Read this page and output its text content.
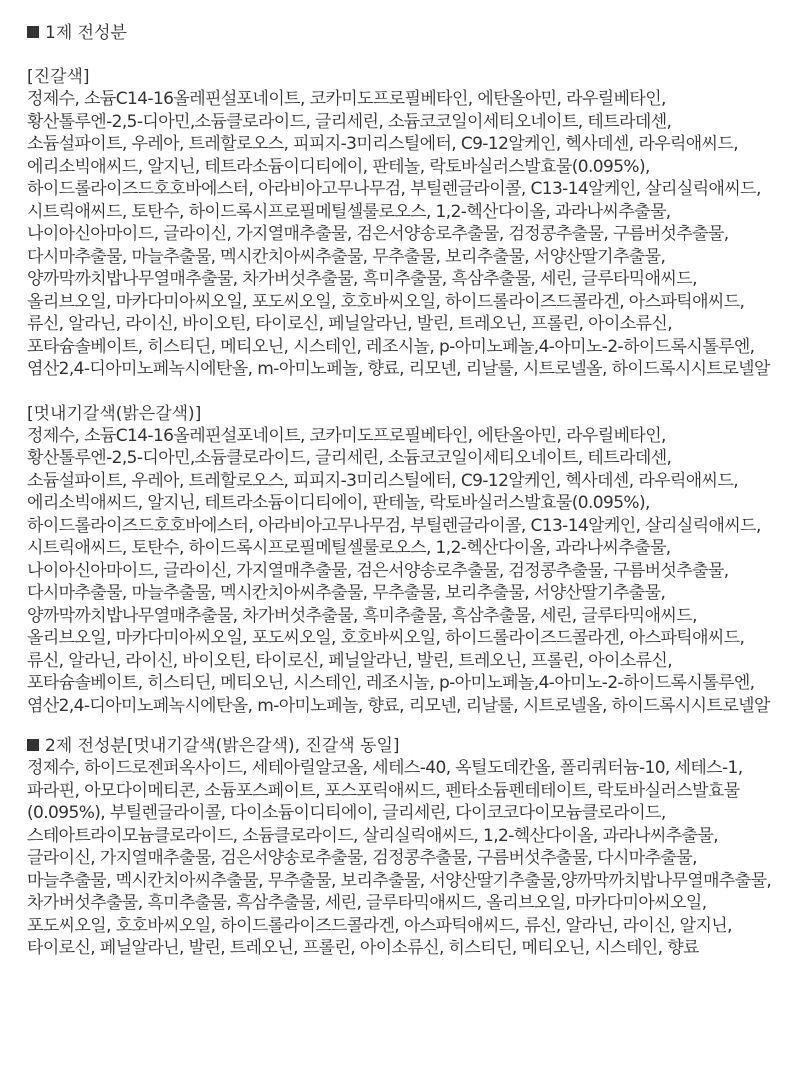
1제 전성분

[진갈색]

정제수, 소듐C14-16올레핀설포네이트, 코카미도프로필베타인, 에탄올아민, 라우릴베타인, 황산톨루엔-2,5-디아민,소듐클로라이드, 글리세린, 소듐코코일이세티오네이트, 테트라데센, 소듐설파이트, 우레아, 트레할로오스, 피피지-3미리스틸에터, C9-12알케인, 헥사데센, 라우릭애씨드, 에리소빅애씨드, 알지닌, 테트라소듐이디티에이, 판테놀, 락토바실러스발효물(0.095%), 하이드롤라이즈드호호바에스터, 아라비아고무나무검, 부틸렌글라이콜, C13-14알케인, 살리실릭애씨드, 시트릭애씨드, 토탄수, 하이드록시프로필메틸셀룰로오스, 1,2-헥산다이올, 과라나씨추출물, 나이아신아마이드, 글라이신, 가지열매추출물, 검은서양송로추출물, 검정콩추출물, 구름버섯추출물, 다시마추출물, 마늘추출물, 멕시칸치아씨추출물, 무추출물, 보리추출물, 서양산딸기추출물, 양까막까치밥나무열매추출물, 차가버섯추출물, 흑미추출물, 흑삼추출물, 세린, 글루타믹애씨드, 올리브오일, 마카다미아씨오일, 포도씨오일, 호호바씨오일, 하이드롤라이즈드콜라겐, 아스파틱애씨드, 류신, 알라닌, 라이신, 바이오틴, 타이로신, 페닐알라닌, 발린, 트레오닌, 프롤린, 아이소류신, 포타슘솔베이트, 히스티딘, 메티오닌, 시스테인, 레조시놀, p-아미노페놀,4-아미노-2-하이드록시톨루엔, 염산2,4-디아미노페녹시에탄올, m-아미노페놀, 향료, 리모넨, 리날룰, 시트로넬올, 하이드록시시트로넬알

[멋내기갈색(밝은갈색)]

정제수, 소듐C14-16올레핀설포네이트, 코카미도프로필베타인, 에탄올아민, 라우릴베타인, 황산톨루엔-2,5-디아민,소듐클로라이드, 글리세린, 소듐코코일이세티오네이트, 테트라데센, 소듐설파이트, 우레아, 트레할로오스, 피피지-3미리스틸에터, C9-12알케인, 헥사데센, 라우릭애씨드, 에리소빅애씨드, 알지닌, 테트라소듐이디티에이, 판테놀, 락토바실러스발효물(0.095%), 하이드롤라이즈드호호바에스터, 아라비아고무나무검, 부틸렌글라이콜, C13-14알케인, 살리실릭애씨드, 시트릭애씨드, 토탄수, 하이드록시프로필메틸셀룰로오스, 1,2-헥산다이올, 과라나씨추출물, 나이아신아마이드, 글라이신, 가지열매추출물, 검은서양송로추출물, 검정콩추출물, 구름버섯추출물, 다시마추출물, 마늘추출물, 멕시칸치아씨추출물, 무추출물, 보리추출물, 서양산딸기추출물, 양까막까치밥나무열매추출물, 차가버섯추출물, 흑미추출물, 흑삼추출물, 세린, 글루타믹애씨드, 올리브오일, 마카다미아씨오일, 포도씨오일, 호호바씨오일, 하이드롤라이즈드콜라겐, 아스파틱애씨드, 류신, 알라닌, 라이신, 바이오틴, 타이로신, 페닐알라닌, 발린, 트레오닌, 프롤린, 아이소류신, 포타슘솔베이트, 히스티딘, 메티오닌, 시스테인, 레조시놀, p-아미노페놀,4-아미노-2-하이드록시톨루엔, 염산2,4-디아미노페녹시에탄올, m-아미노페놀, 향료, 리모넨, 리날룰, 시트로넬올, 하이드록시시트로넬알

2제 전성분[멋내기갈색(밝은갈색), 진갈색 동일]

정제수, 하이드로젠퍼옥사이드, 세테아릴알코올, 세테스-40, 옥틸도데칸올, 폴리쿼터늄-10, 세테스-1, 파라핀, 아모다이메티콘, 소듐포스페이트, 포스포릭애씨드, 펜타소듐펜테테이트, 락토바실러스발효물(0.095%), 부틸렌글라이콜, 다이소듐이디티에이, 글리세린, 다이코코다이모늄클로라이드, 스테아트라이모늄클로라이드, 소듐클로라이드, 살리실릭애씨드, 1,2-헥산다이올, 과라나씨추출물, 글라이신, 가지열매추출물, 검은서양송로추출물, 검정콩추출물, 구름버섯추출물, 다시마추출물, 마늘추출물, 멕시칸치아씨추출물, 무추출물, 보리추출물, 서양산딸기추출물,양까막까치밥나무열매추출물, 차가버섯추출물, 흑미추출물, 흑삼추출물, 세린, 글루타믹애씨드, 올리브오일, 마카다미아씨오일, 포도씨오일, 호호바씨오일, 하이드롤라이즈드콜라겐, 아스파틱애씨드, 류신, 알라닌, 라이신, 알지닌, 타이로신, 페닐알라닌, 발린, 트레오닌, 프롤린, 아이소류신, 히스티딘, 메티오닌, 시스테인, 향료
